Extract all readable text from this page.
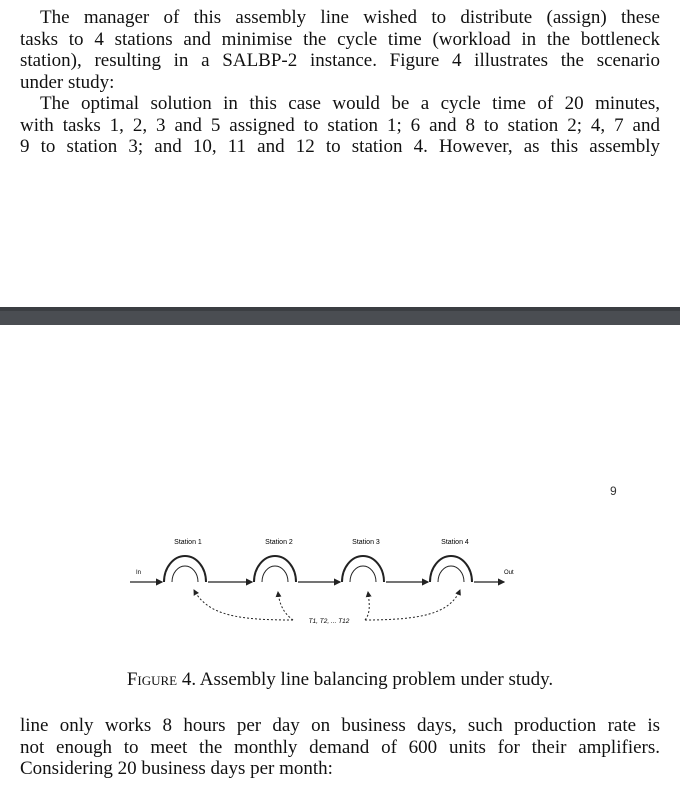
The manager of this assembly line wished to distribute (assign) these
tasks to 4 stations and minimise the cycle time (workload in the bottleneck
station), resulting in a SALBP-2 instance. Figure 4 illustrates the scenario
under study:
The optimal solution in this case would be a cycle time of 20 minutes,
with tasks 1, 2, 3 and 5 assigned to station 1; 6 and 8 to station 2; 4, 7 and
9 to station 3; and 10, 11 and 12 to station 4. However, as this assembly
9
Station 1	Station 2	Station 3	Station 4
In	Out
T1, T2, ... T12
Figure 4. Assembly line balancing problem under study.
line only works 8 hours per day on business days, such production rate is
not enough to meet the monthly demand of 600 units for their amplifiers.
Considering 20 business days per month:
